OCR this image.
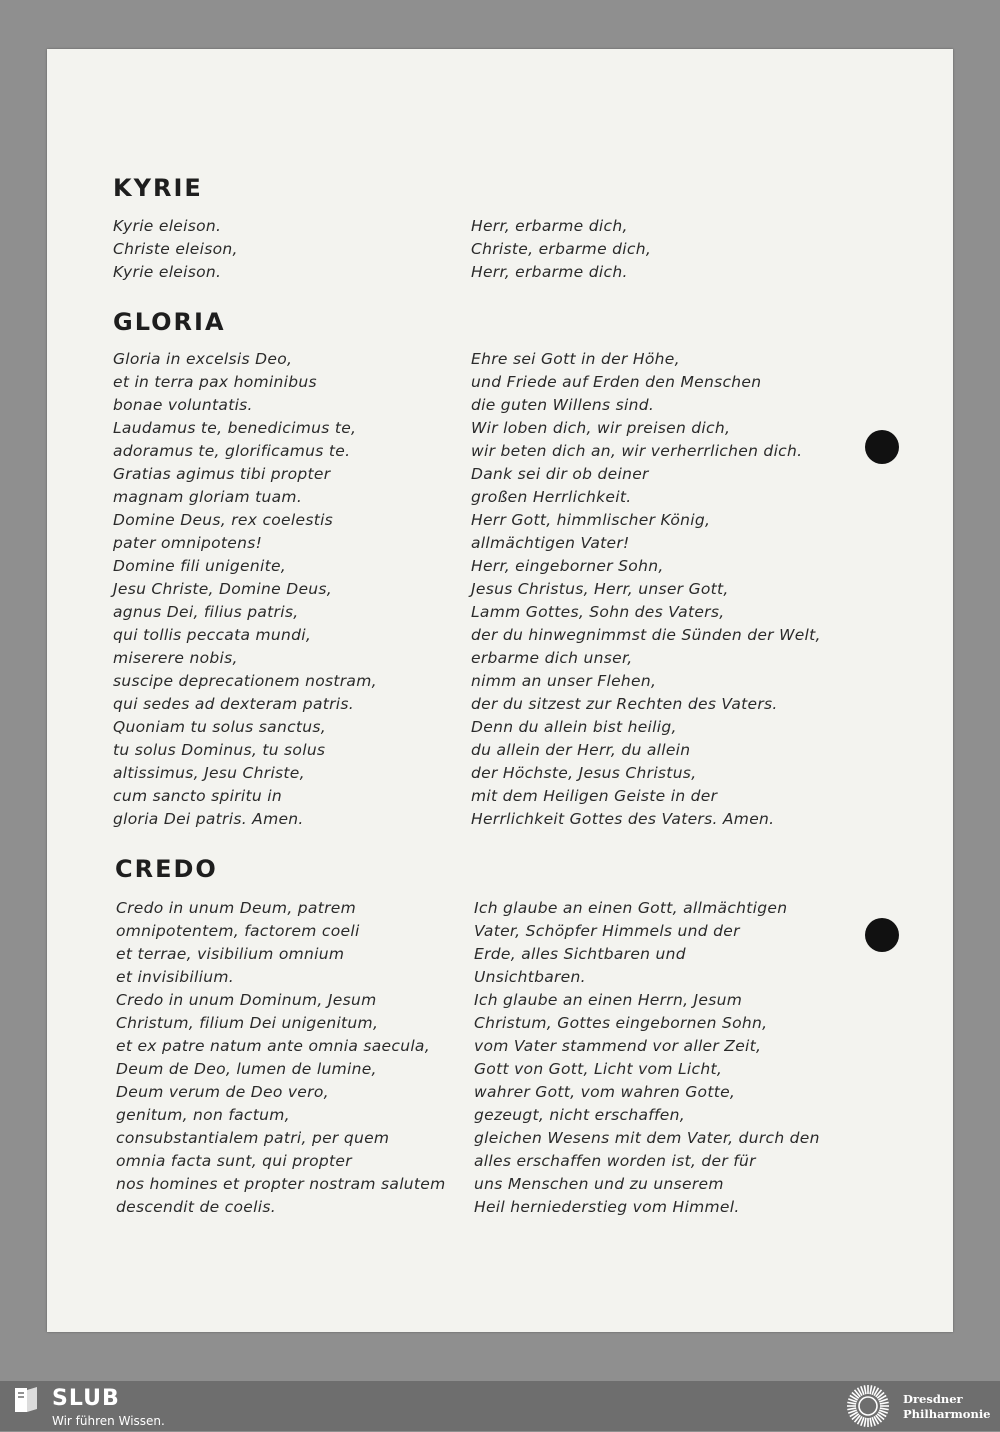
KYRIE
Kyrie eleison.
Christe eleison,
Kyrie eleison.
Herr, erbarme dich,
Christe, erbarme dich,
Herr, erbarme dich.
GLORIA
Gloria in excelsis Deo,
et in terra pax hominibus
bonae voluntatis.
Laudamus te, benedicimus te,
adoramus te, glorificamus te.
Gratias agimus tibi propter
magnam gloriam tuam.
Domine Deus, rex coelestis
pater omnipotens!
Domine fili unigenite,
Jesu Christe, Domine Deus,
agnus Dei, filius patris,
qui tollis peccata mundi,
miserere nobis,
suscipe deprecationem nostram,
qui sedes ad dexteram patris.
Quoniam tu solus sanctus,
tu solus Dominus, tu solus
altissimus, Jesu Christe,
cum sancto spiritu in
gloria Dei patris. Amen.
Ehre sei Gott in der Höhe,
und Friede auf Erden den Menschen
die guten Willens sind.
Wir loben dich, wir preisen dich,
wir beten dich an, wir verherrlichen dich.
Dank sei dir ob deiner
großen Herrlichkeit.
Herr Gott, himmlischer König,
allmächtigen Vater!
Herr, eingeborner Sohn,
Jesus Christus, Herr, unser Gott,
Lamm Gottes, Sohn des Vaters,
der du hinwegnimmst die Sünden der Welt,
erbarme dich unser,
nimm an unser Flehen,
der du sitzest zur Rechten des Vaters.
Denn du allein bist heilig,
du allein der Herr, du allein
der Höchste, Jesus Christus,
mit dem Heiligen Geiste in der
Herrlichkeit Gottes des Vaters. Amen.
CREDO
Credo in unum Deum, patrem
omnipotentem, factorem coeli
et terrae, visibilium omnium
et invisibilium.
Credo in unum Dominum, Jesum
Christum, filium Dei unigenitum,
et ex patre natum ante omnia saecula,
Deum de Deo, lumen de lumine,
Deum verum de Deo vero,
genitum, non factum,
consubstantialem patri, per quem
omnia facta sunt, qui propter
nos homines et propter nostram salutem
descendit de coelis.
Ich glaube an einen Gott, allmächtigen
Vater, Schöpfer Himmels und der
Erde, alles Sichtbaren und
Unsichtbaren.
Ich glaube an einen Herrn, Jesum
Christum, Gottes eingebornen Sohn,
vom Vater stammend vor aller Zeit,
Gott von Gott, Licht vom Licht,
wahrer Gott, vom wahren Gotte,
gezeugt, nicht erschaffen,
gleichen Wesens mit dem Vater, durch den
alles erschaffen worden ist, der für
uns Menschen und zu unserem
Heil herniederstieg vom Himmel.
SLUB
Wir führen Wissen.
Dresdner
Philharmonie
